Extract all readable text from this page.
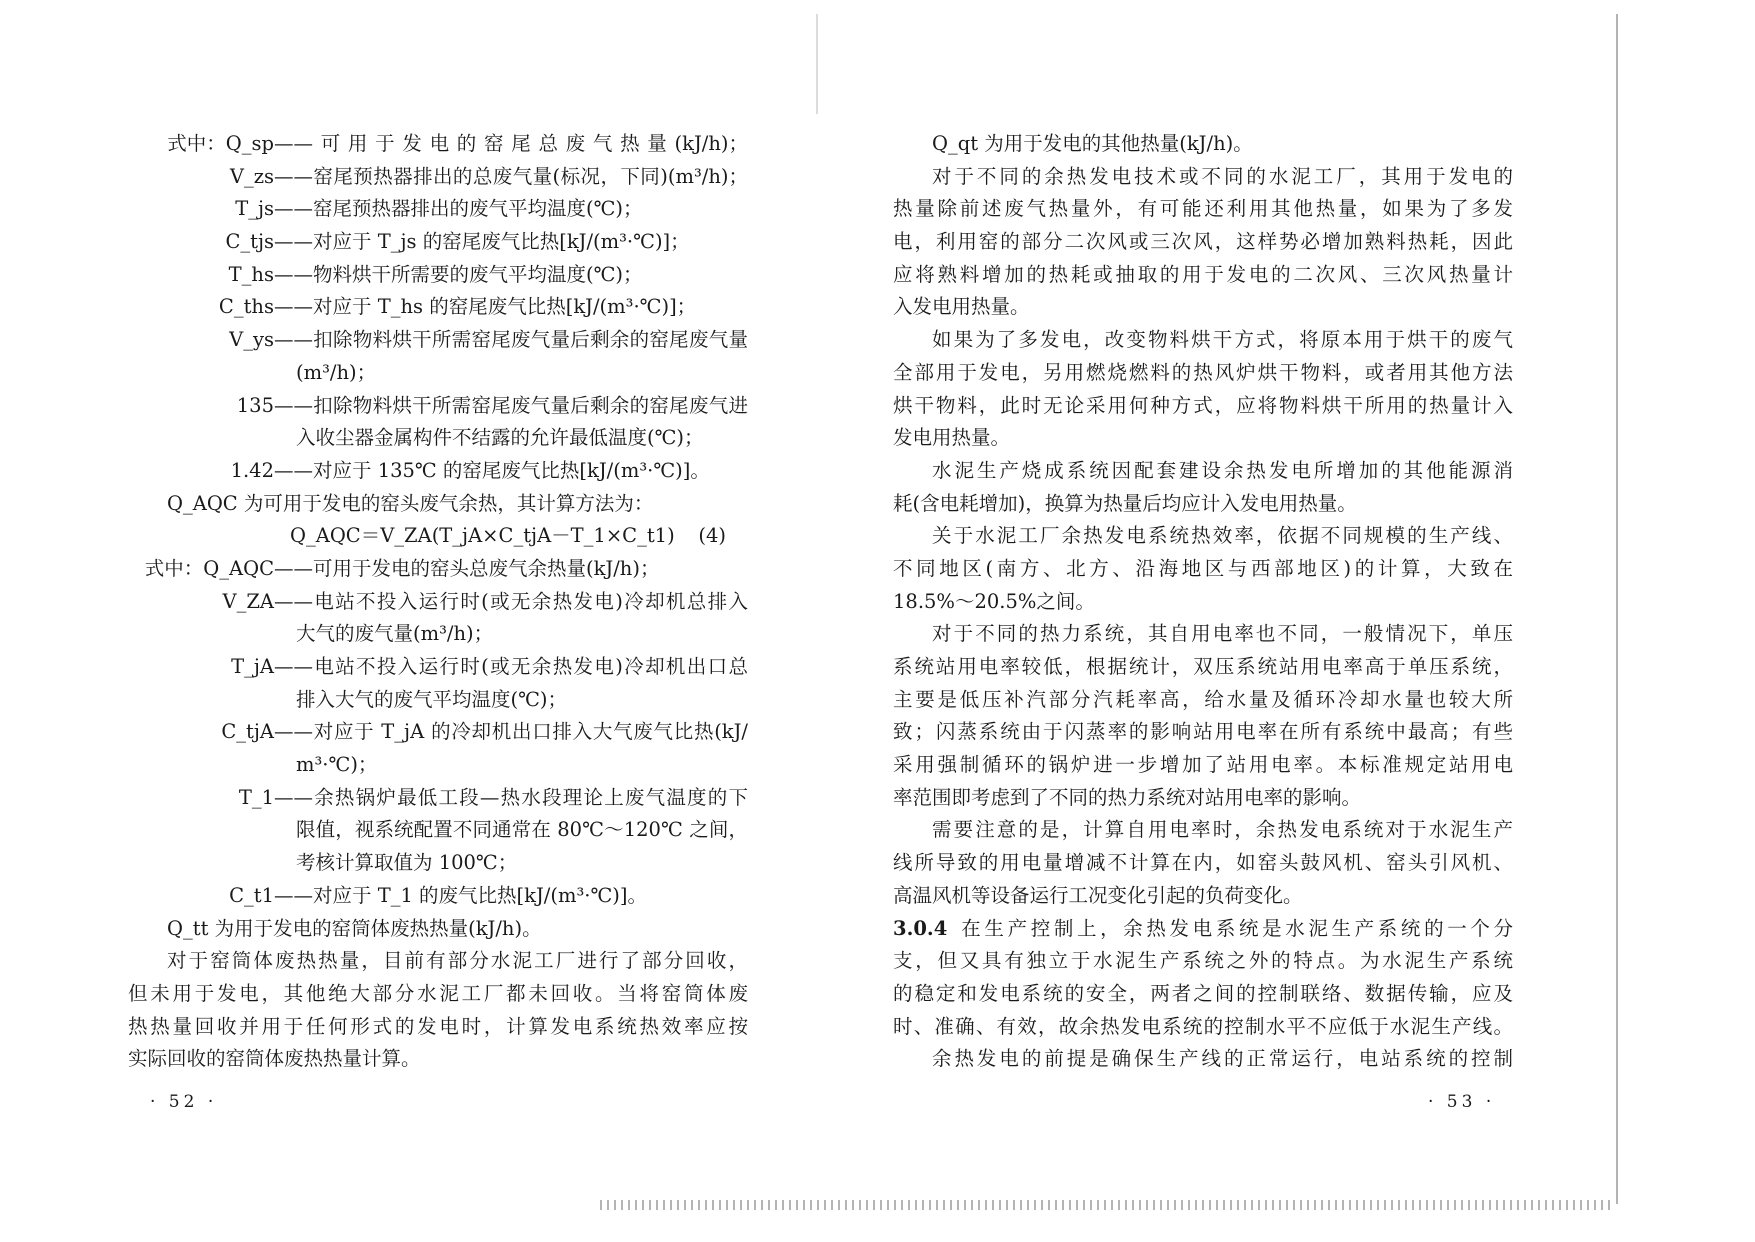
式中：Q_sp ——可用于发电的窑尾总废气热量(kJ/h)；
V_zs ——窑尾预热器排出的总废气量(标况，下同)(m³/h)；
T_js ——窑尾预热器排出的废气平均温度(℃)；
C_tjs ——对应于 T_js 的窑尾废气比热[kJ/(m³·℃)]；
T_hs ——物料烘干所需要的废气平均温度(℃)；
C_ths ——对应于 T_hs 的窑尾废气比热[kJ/(m³·℃)]；
V_ys ——扣除物料烘干所需窑尾废气量后剩余的窑尾废气量
(m³/h)；
135 ——扣除物料烘干所需窑尾废气量后剩余的窑尾废气进
入收尘器金属构件不结露的允许最低温度(℃)；
1.42 ——对应于 135℃ 的窑尾废气比热[kJ/(m³·℃)]。
Q_AQC 为可用于发电的窑头废气余热，其计算方法为：
Q_AQC＝V_ZA(T_jA×C_tjA－T_1×C_t1) (4)
式中：Q_AQC ——可用于发电的窑头总废气余热量(kJ/h)；
V_ZA ——电站不投入运行时(或无余热发电)冷却机总排入
大气的废气量(m³/h)；
T_jA ——电站不投入运行时(或无余热发电)冷却机出口总
排入大气的废气平均温度(℃)；
C_tjA ——对应于 T_jA 的冷却机出口排入大气废气比热(kJ/
m³·℃)；
T_1 ——余热锅炉最低工段—热水段理论上废气温度的下
限值，视系统配置不同通常在 80℃～120℃ 之间，
考核计算取值为 100℃；
C_t1 ——对应于 T_1 的废气比热[kJ/(m³·℃)]。
Q_tt 为用于发电的窑筒体废热热量(kJ/h)。
对于窑筒体废热热量，目前有部分水泥工厂进行了部分回收，
但未用于发电，其他绝大部分水泥工厂都未回收。当将窑筒体废
热热量回收并用于任何形式的发电时，计算发电系统热效率应按
实际回收的窑筒体废热热量计算。
· 52 ·
Q_qt 为用于发电的其他热量(kJ/h)。
对于不同的余热发电技术或不同的水泥工厂，其用于发电的
热量除前述废气热量外，有可能还利用其他热量，如果为了多发
电，利用窑的部分二次风或三次风，这样势必增加熟料热耗，因此
应将熟料增加的热耗或抽取的用于发电的二次风、三次风热量计
入发电用热量。
如果为了多发电，改变物料烘干方式，将原本用于烘干的废气
全部用于发电，另用燃烧燃料的热风炉烘干物料，或者用其他方法
烘干物料，此时无论采用何种方式，应将物料烘干所用的热量计入
发电用热量。
水泥生产烧成系统因配套建设余热发电所增加的其他能源消
耗(含电耗增加)，换算为热量后均应计入发电用热量。
关于水泥工厂余热发电系统热效率，依据不同规模的生产线、
不同地区(南方、北方、沿海地区与西部地区)的计算，大致在
18.5%～20.5%之间。
对于不同的热力系统，其自用电率也不同，一般情况下，单压
系统站用电率较低，根据统计，双压系统站用电率高于单压系统，
主要是低压补汽部分汽耗率高，给水量及循环冷却水量也较大所
致；闪蒸系统由于闪蒸率的影响站用电率在所有系统中最高；有些
采用强制循环的锅炉进一步增加了站用电率。本标准规定站用电
率范围即考虑到了不同的热力系统对站用电率的影响。
需要注意的是，计算自用电率时，余热发电系统对于水泥生产
线所导致的用电量增减不计算在内，如窑头鼓风机、窑头引风机、
高温风机等设备运行工况变化引起的负荷变化。
3.0.4 在生产控制上，余热发电系统是水泥生产系统的一个分
支，但又具有独立于水泥生产系统之外的特点。为水泥生产系统
的稳定和发电系统的安全，两者之间的控制联络、数据传输，应及
时、准确、有效，故余热发电系统的控制水平不应低于水泥生产线。
余热发电的前提是确保生产线的正常运行，电站系统的控制
· 53 ·
